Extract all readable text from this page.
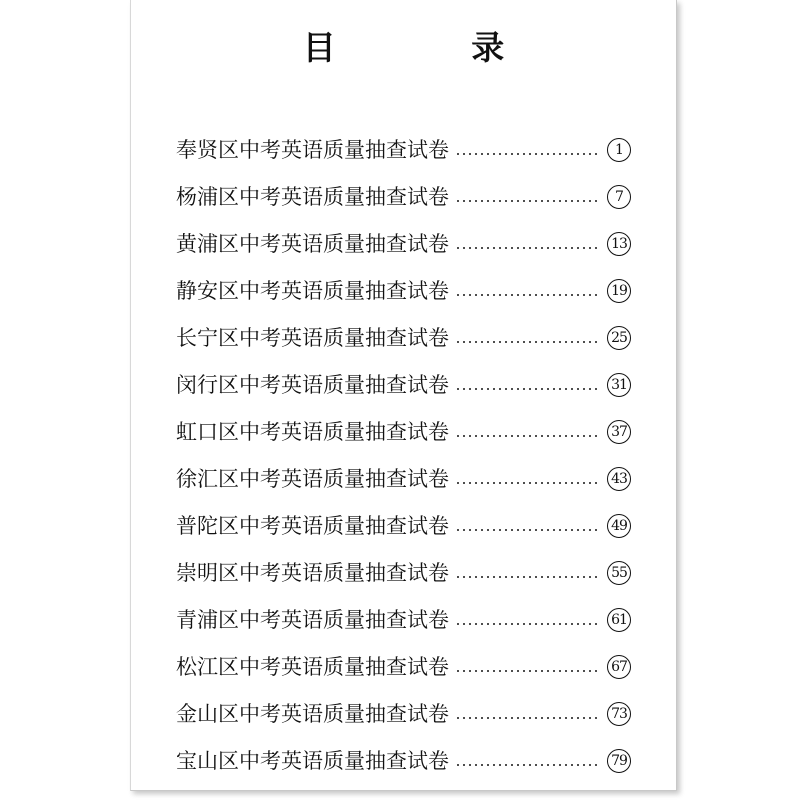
目 录
奉贤区中考英语质量抽查试卷	1
杨浦区中考英语质量抽查试卷	7
黄浦区中考英语质量抽查试卷	13
静安区中考英语质量抽查试卷	19
长宁区中考英语质量抽查试卷	25
闵行区中考英语质量抽查试卷	31
虹口区中考英语质量抽查试卷	37
徐汇区中考英语质量抽查试卷	43
普陀区中考英语质量抽查试卷	49
崇明区中考英语质量抽查试卷	55
青浦区中考英语质量抽查试卷	61
松江区中考英语质量抽查试卷	67
金山区中考英语质量抽查试卷	73
宝山区中考英语质量抽查试卷	79
